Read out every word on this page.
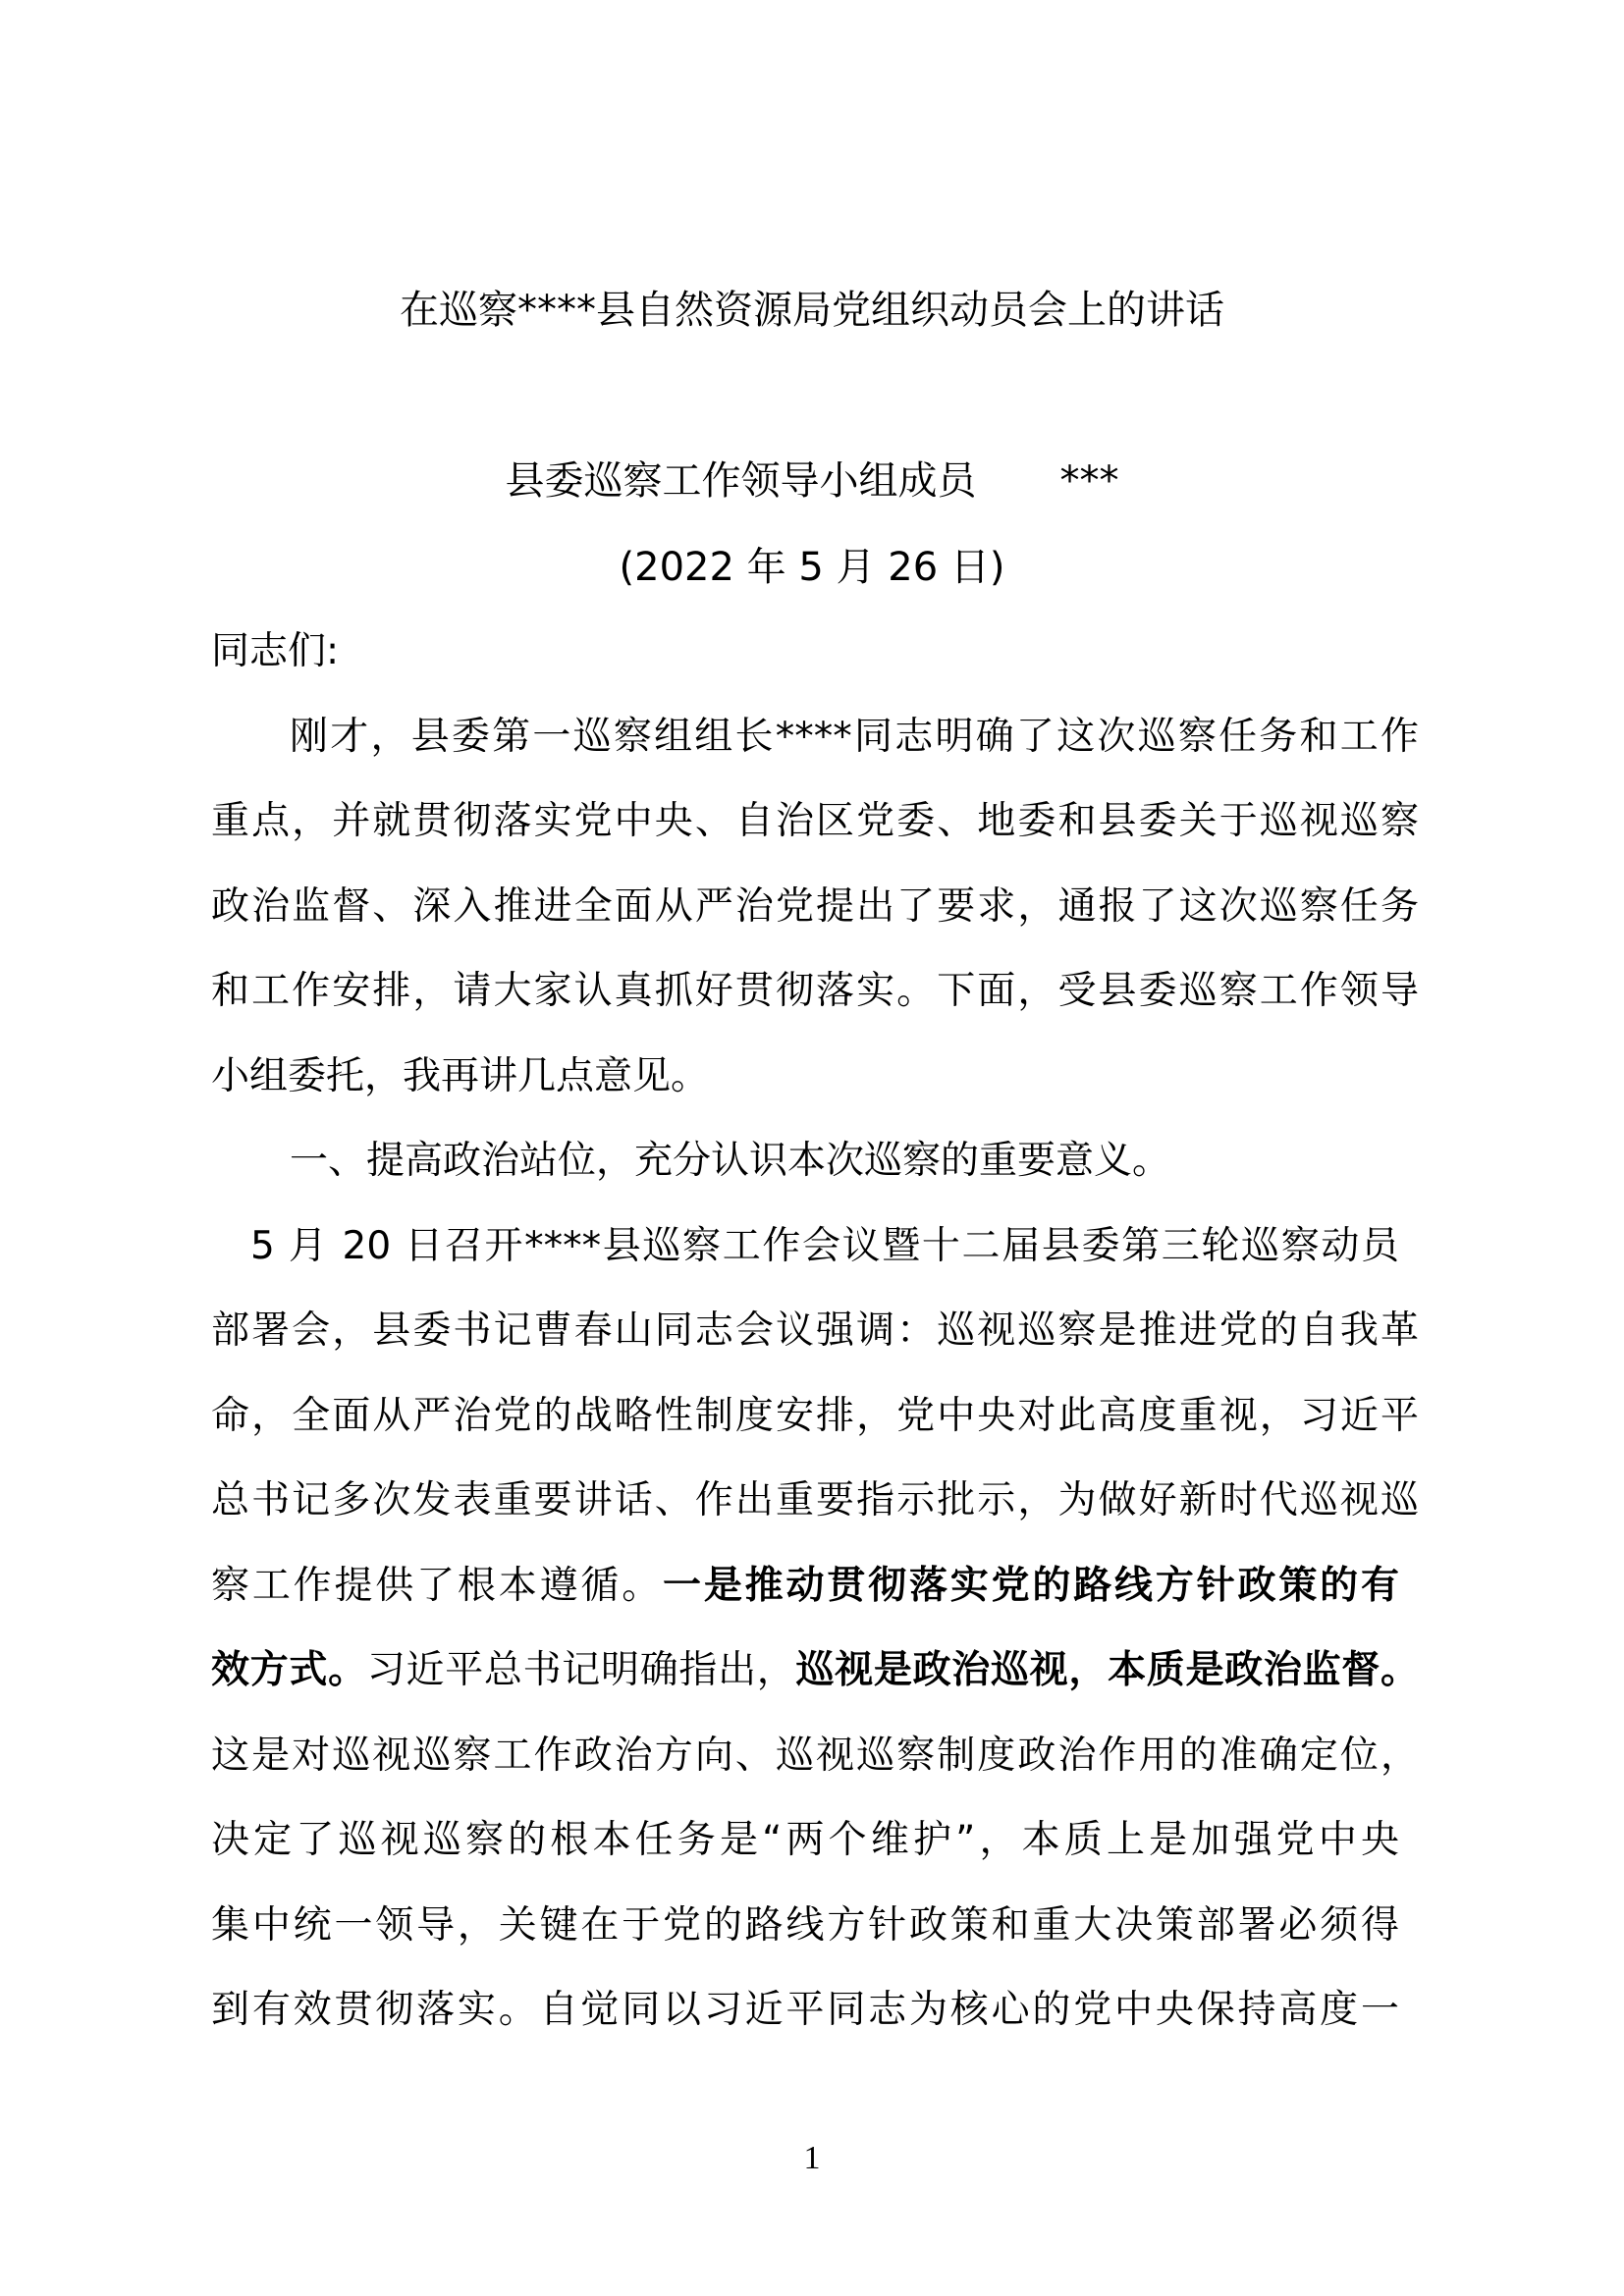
在巡察****县自然资源局党组织动员会上的讲话
县委巡察工作领导小组成员 ***
(2022 年 5 月 26 日)
同志们:
刚才，县委第一巡察组组长****同志明确了这次巡察任务和工作
重点，并就贯彻落实党中央、自治区党委、地委和县委关于巡视巡察
政治监督、深入推进全面从严治党提出了要求，通报了这次巡察任务
和工作安排，请大家认真抓好贯彻落实。下面，受县委巡察工作领导
小组委托，我再讲几点意见。
一、提高政治站位，充分认识本次巡察的重要意义。
5 月 20 日召开****县巡察工作会议暨十二届县委第三轮巡察动员
部署会，县委书记曹春山同志会议强调：巡视巡察是推进党的自我革
命，全面从严治党的战略性制度安排，党中央对此高度重视，习近平
总书记多次发表重要讲话、作出重要指示批示，为做好新时代巡视巡
察工作提供了根本遵循。一是推动贯彻落实党的路线方针政策的有
效方式。习近平总书记明确指出，巡视是政治巡视，本质是政治监督。
这是对巡视巡察工作政治方向、巡视巡察制度政治作用的准确定位，
决定了巡视巡察的根本任务是“两个维护”，本质上是加强党中央
集中统一领导，关键在于党的路线方针政策和重大决策部署必须得
到有效贯彻落实。自觉同以习近平同志为核心的党中央保持高度一
1
